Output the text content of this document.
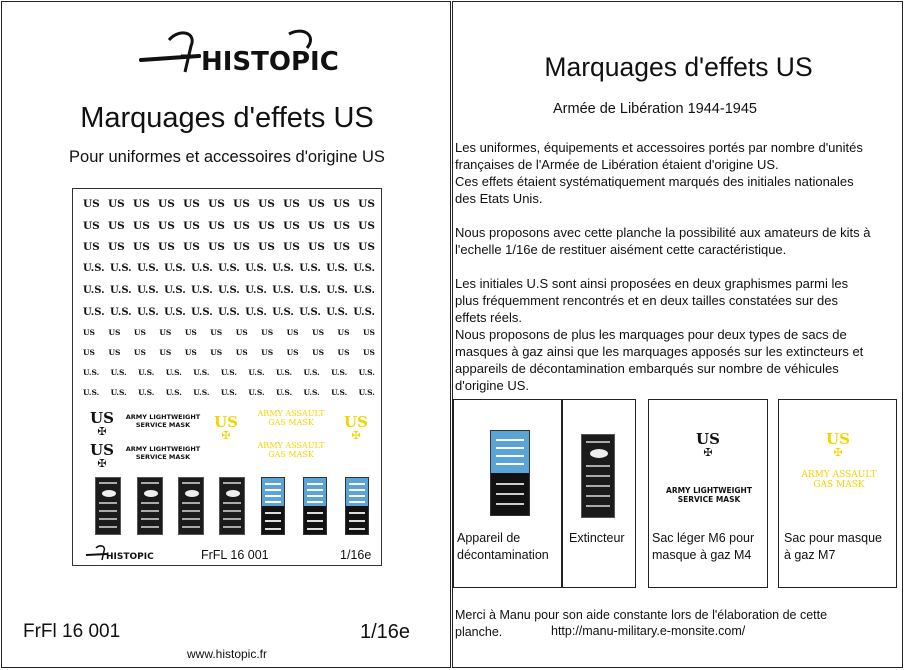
HISTOPIC
Marquages d'effets US
Pour uniformes et accessoires d'origine US
US US US US US US US US US US US US
US US US US US US US US US US US US
US US US US US US US US US US US US
U.S. U.S. U.S. U.S. U.S. U.S. U.S. U.S. U.S. U.S. U.S.
U.S. U.S. U.S. U.S. U.S. U.S. U.S. U.S. U.S. U.S. U.S.
U.S. U.S. U.S. U.S. U.S. U.S. U.S. U.S. U.S. U.S. U.S.
US US US US US US US US US US US US
US US US US US US US US US US US US
U.S. U.S. U.S. U.S. U.S. U.S. U.S. U.S. U.S. U.S. U.S.
U.S. U.S. U.S. U.S. U.S. U.S. U.S. U.S. U.S. U.S. U.S.
US
✠
ARMY LIGHTWEIGHT
SERVICE MASK
US
✠
ARMY LIGHTWEIGHT
SERVICE MASK
US
✠
ARMY ASSAULT
GAS MASK
ARMY ASSAULT
GAS MASK
US
✠
HISTOPIC	FrFL 16 001	1/16e
FrFl 16 001	1/16e
www.histopic.fr
Marquages d'effets US
Armée de Libération 1944-1945
Les uniformes, équipements et accessoires portés par nombre d'unités
françaises de l'Armée de Libération étaient d'origine US.
Ces effets étaient systématiquement marqués des initiales nationales
des Etats Unis.
Nous proposons avec cette planche la possibilité aux amateurs de kits à
l'echelle 1/16e de restituer aisément cette caractéristique.
Les initiales U.S sont ainsi proposées en deux graphismes parmi les
plus fréquemment rencontrés et en deux tailles constatées sur des
effets réels.
Nous proposons de plus les marquages pour deux types de sacs de
masques à gaz ainsi que les marquages apposés sur les extincteurs et
appareils de décontamination embarqués sur nombre de véhicules
d'origine US.
Appareil de
décontamination
Extincteur
US
✠
ARMY LIGHTWEIGHT
SERVICE MASK
Sac léger M6 pour
masque à gaz M4
US
✠
ARMY ASSAULT
GAS MASK
Sac pour masque
à gaz M7
Merci à Manu pour son aide constante lors de l'élaboration de cette
planche.	http://manu-military.e-monsite.com/
